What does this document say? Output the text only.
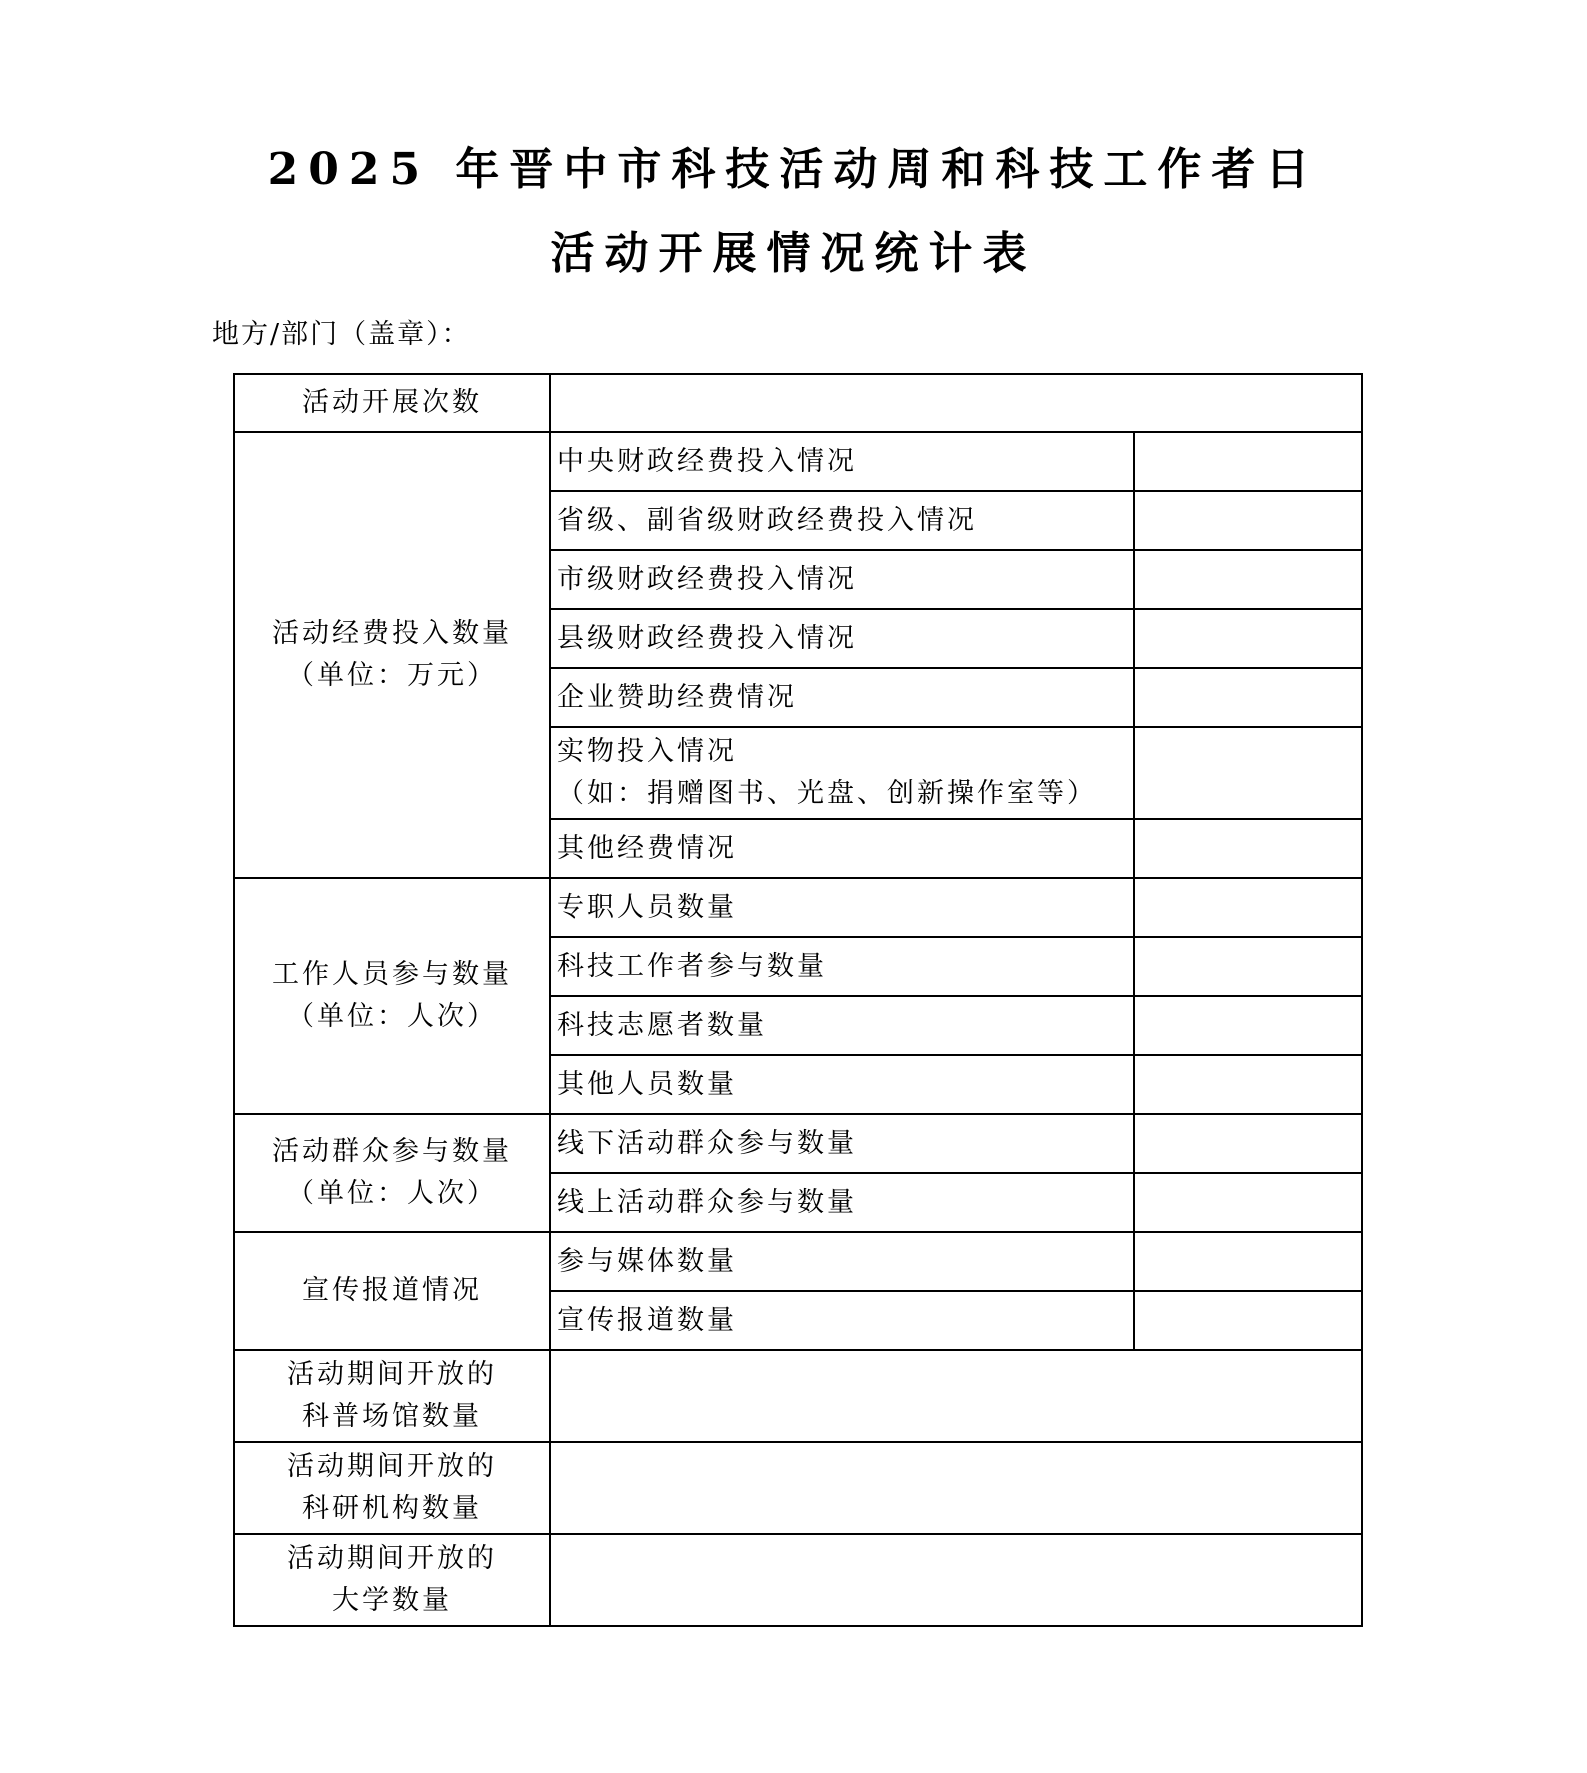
2025 年晋中市科技活动周和科技工作者日
活动开展情况统计表
地方/部门（盖章）：
活动开展次数		

活动经费投入数量
（单位：万元）	中央财政经费投入情况	
	省级、副省级财政经费投入情况	
	市级财政经费投入情况	
	县级财政经费投入情况	
	企业赞助经费情况	

	实物投入情况
（如：捐赠图书、光盘、创新操作室等）	

	其他经费情况	

工作人员参与数量
（单位：人次）	专职人员数量	
	科技工作者参与数量	
	科技志愿者数量	
	其他人员数量	

活动群众参与数量
（单位：人次）	线下活动群众参与数量	
	线上活动群众参与数量	
宣传报道情况	参与媒体数量	
	宣传报道数量	

活动期间开放的
科普场馆数量		

活动期间开放的
科研机构数量		

活动期间开放的
大学数量		
